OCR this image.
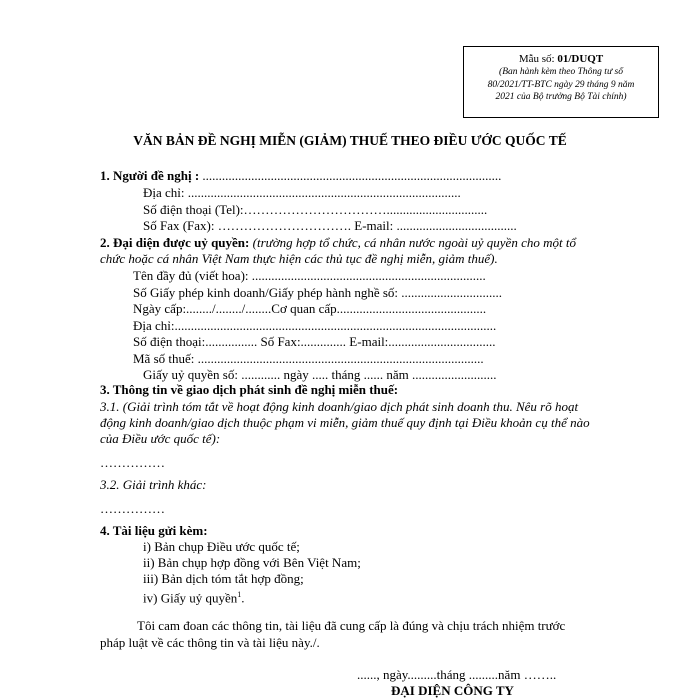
Mẫu số: 01/DUQT
(Ban hành kèm theo Thông tư số
80/2021/TT-BTC ngày 29 tháng 9 năm
2021 của Bộ trưởng Bộ Tài chính)
VĂN BẢN ĐỀ NGHỊ MIỄN (GIẢM) THUẾ THEO ĐIỀU ƯỚC QUỐC TẾ
1. Người đề nghị : ............................................................................................
Địa chỉ: ....................................................................................
Số điện thoại (Tel):……………………………...............................
Số Fax (Fax): …………………………. E-mail: .....................................
2. Đại diện được uỷ quyền: (trường hợp tổ chức, cá nhân nước ngoài uỷ quyền cho một tổ
chức hoặc cá nhân Việt Nam thực hiện các thủ tục đề nghị miễn, giảm thuế).
Tên đầy đủ (viết hoa): ........................................................................
Số Giấy phép kinh doanh/Giấy phép hành nghề số: ...............................
Ngày cấp:......../......../........Cơ quan cấp..............................................
Địa chỉ:...................................................................................................
Số điện thoại:................ Số Fax:.............. E-mail:.................................
Mã số thuế: ........................................................................................
Giấy uỷ quyền số: ............ ngày ..... tháng ...... năm ..........................
3. Thông tin về giao dịch phát sinh đề nghị miễn thuế:
3.1. (Giải trình tóm tắt về hoạt động kinh doanh/giao dịch phát sinh doanh thu. Nêu rõ hoạt
động kinh doanh/giao dịch thuộc phạm vi miễn, giảm thuế quy định tại Điều khoản cụ thể nào
của Điều ước quốc tế):
……………
3.2. Giải trình khác:
……………
4. Tài liệu gửi kèm:
i) Bản chụp Điều ước quốc tế;
ii) Bản chụp hợp đồng với Bên Việt Nam;
iii) Bản dịch tóm tắt hợp đồng;
iv) Giấy uỷ quyền$^1$.
Tôi cam đoan các thông tin, tài liệu đã cung cấp là đúng và chịu trách nhiệm trước
pháp luật về các thông tin và tài liệu này./.
......, ngày.........tháng .........năm ……..
ĐẠI DIỆN CÔNG TY
